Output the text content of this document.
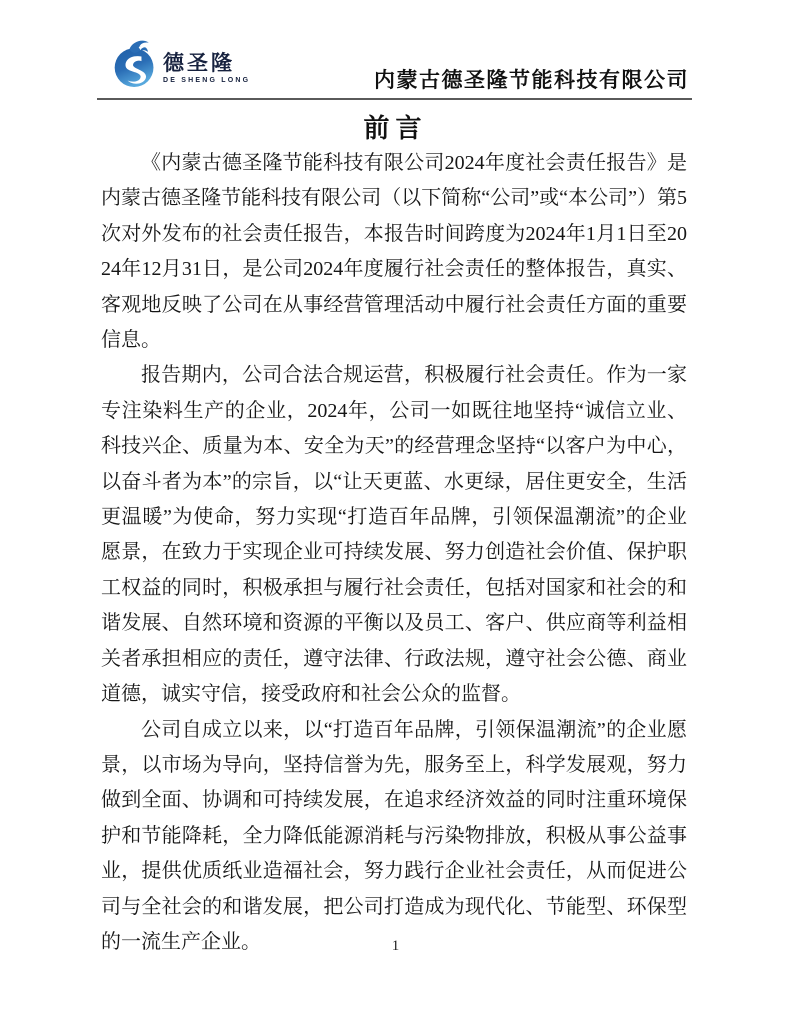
德圣隆
DE SHENG LONG	内蒙古德圣隆节能科技有限公司
前言

《内蒙古德圣隆节能科技有限公司2024年度社会责任报告》是内蒙古德圣隆节能科技有限公司（以下简称“公司”或“本公司”）第5次对外发布的社会责任报告，本报告时间跨度为2024年1月1日至2024年12月31日，是公司2024年度履行社会责任的整体报告，真实、客观地反映了公司在从事经营管理活动中履行社会责任方面的重要信息。

报告期内，公司合法合规运营，积极履行社会责任。作为一家专注染料生产的企业，2024年，公司一如既往地坚持“诚信立业、科技兴企、质量为本、安全为天”的经营理念坚持“以客户为中心，以奋斗者为本”的宗旨，以“让天更蓝、水更绿，居住更安全，生活更温暖”为使命，努力实现“打造百年品牌，引领保温潮流”的企业愿景，在致力于实现企业可持续发展、努力创造社会价值、保护职工权益的同时，积极承担与履行社会责任，包括对国家和社会的和谐发展、自然环境和资源的平衡以及员工、客户、供应商等利益相关者承担相应的责任，遵守法律、行政法规，遵守社会公德、商业道德，诚实守信，接受政府和社会公众的监督。

公司自成立以来，以“打造百年品牌，引领保温潮流”的企业愿景，以市场为导向，坚持信誉为先，服务至上，科学发展观，努力做到全面、协调和可持续发展，在追求经济效益的同时注重环境保护和节能降耗，全力降低能源消耗与污染物排放，积极从事公益事业，提供优质纸业造福社会，努力践行企业社会责任，从而促进公司与全社会的和谐发展，把公司打造成为现代化、节能型、环保型的一流生产企业。	1
